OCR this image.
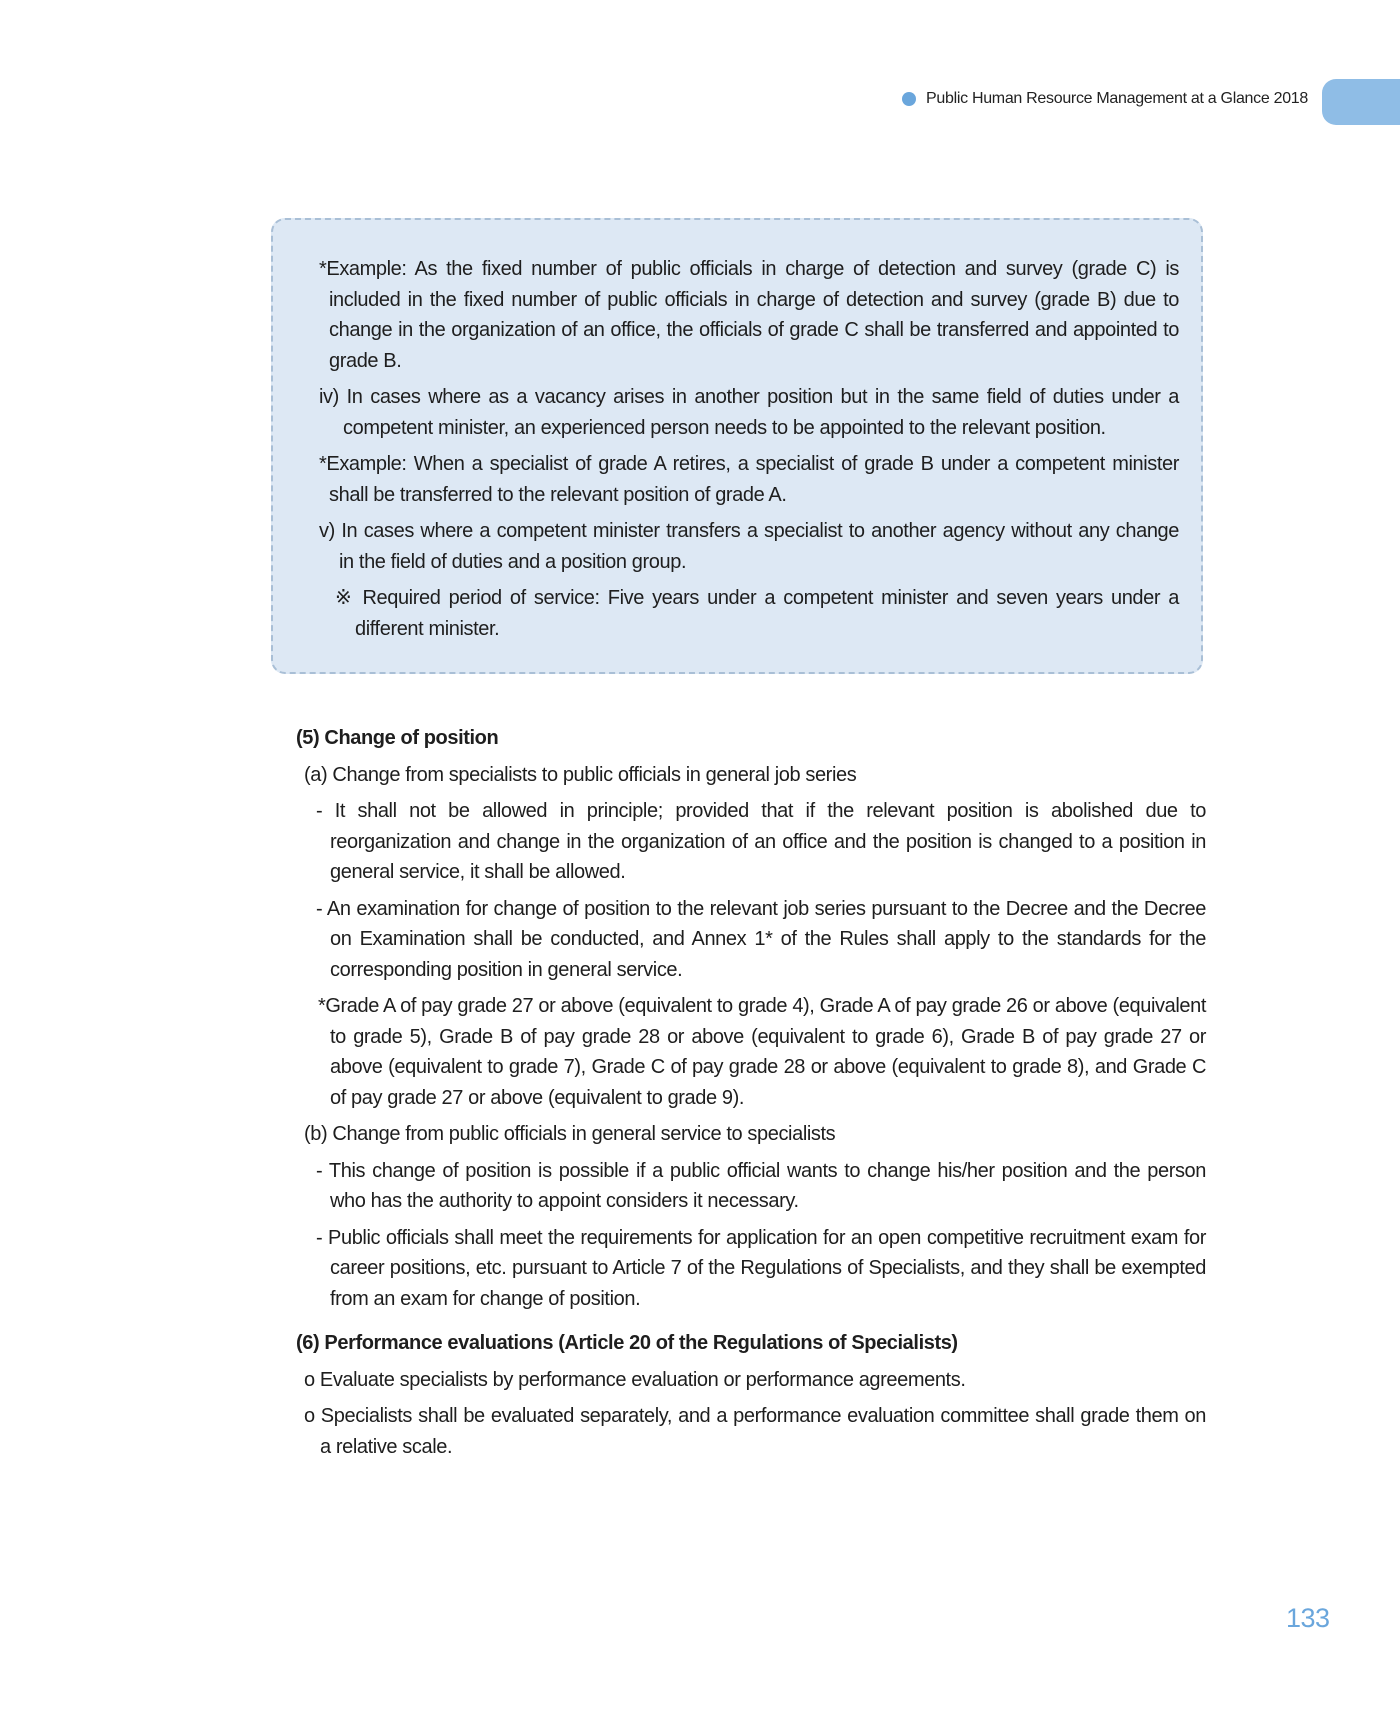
Public Human Resource Management at a Glance 2018

*Example: As the fixed number of public officials in charge of detection and survey (grade C) is included in the fixed number of public officials in charge of detection and survey (grade B) due to change in the organization of an office, the officials of grade C shall be transferred and appointed to grade B.

iv) In cases where as a vacancy arises in another position but in the same field of duties under a competent minister, an experienced person needs to be appointed to the relevant position.

*Example: When a specialist of grade A retires, a specialist of grade B under a competent minister shall be transferred to the relevant position of grade A.

v) In cases where a competent minister transfers a specialist to another agency without any change in the field of duties and a position group.

※ Required period of service: Five years under a competent minister and seven years under a different minister.

(5) Change of position

(a) Change from specialists to public officials in general job series

- It shall not be allowed in principle; provided that if the relevant position is abolished due to reorganization and change in the organization of an office and the position is changed to a position in general service, it shall be allowed.

- An examination for change of position to the relevant job series pursuant to the Decree and the Decree on Examination shall be conducted, and Annex 1* of the Rules shall apply to the standards for the corresponding position in general service.

*Grade A of pay grade 27 or above (equivalent to grade 4), Grade A of pay grade 26 or above (equivalent to grade 5), Grade B of pay grade 28 or above (equivalent to grade 6), Grade B of pay grade 27 or above (equivalent to grade 7), Grade C of pay grade 28 or above (equivalent to grade 8), and Grade C of pay grade 27 or above (equivalent to grade 9).

(b) Change from public officials in general service to specialists

- This change of position is possible if a public official wants to change his/her position and the person who has the authority to appoint considers it necessary.

- Public officials shall meet the requirements for application for an open competitive recruitment exam for career positions, etc. pursuant to Article 7 of the Regulations of Specialists, and they shall be exempted from an exam for change of position.

(6) Performance evaluations (Article 20 of the Regulations of Specialists)

o Evaluate specialists by performance evaluation or performance agreements.

o Specialists shall be evaluated separately, and a performance evaluation committee shall grade them on a relative scale.

133
